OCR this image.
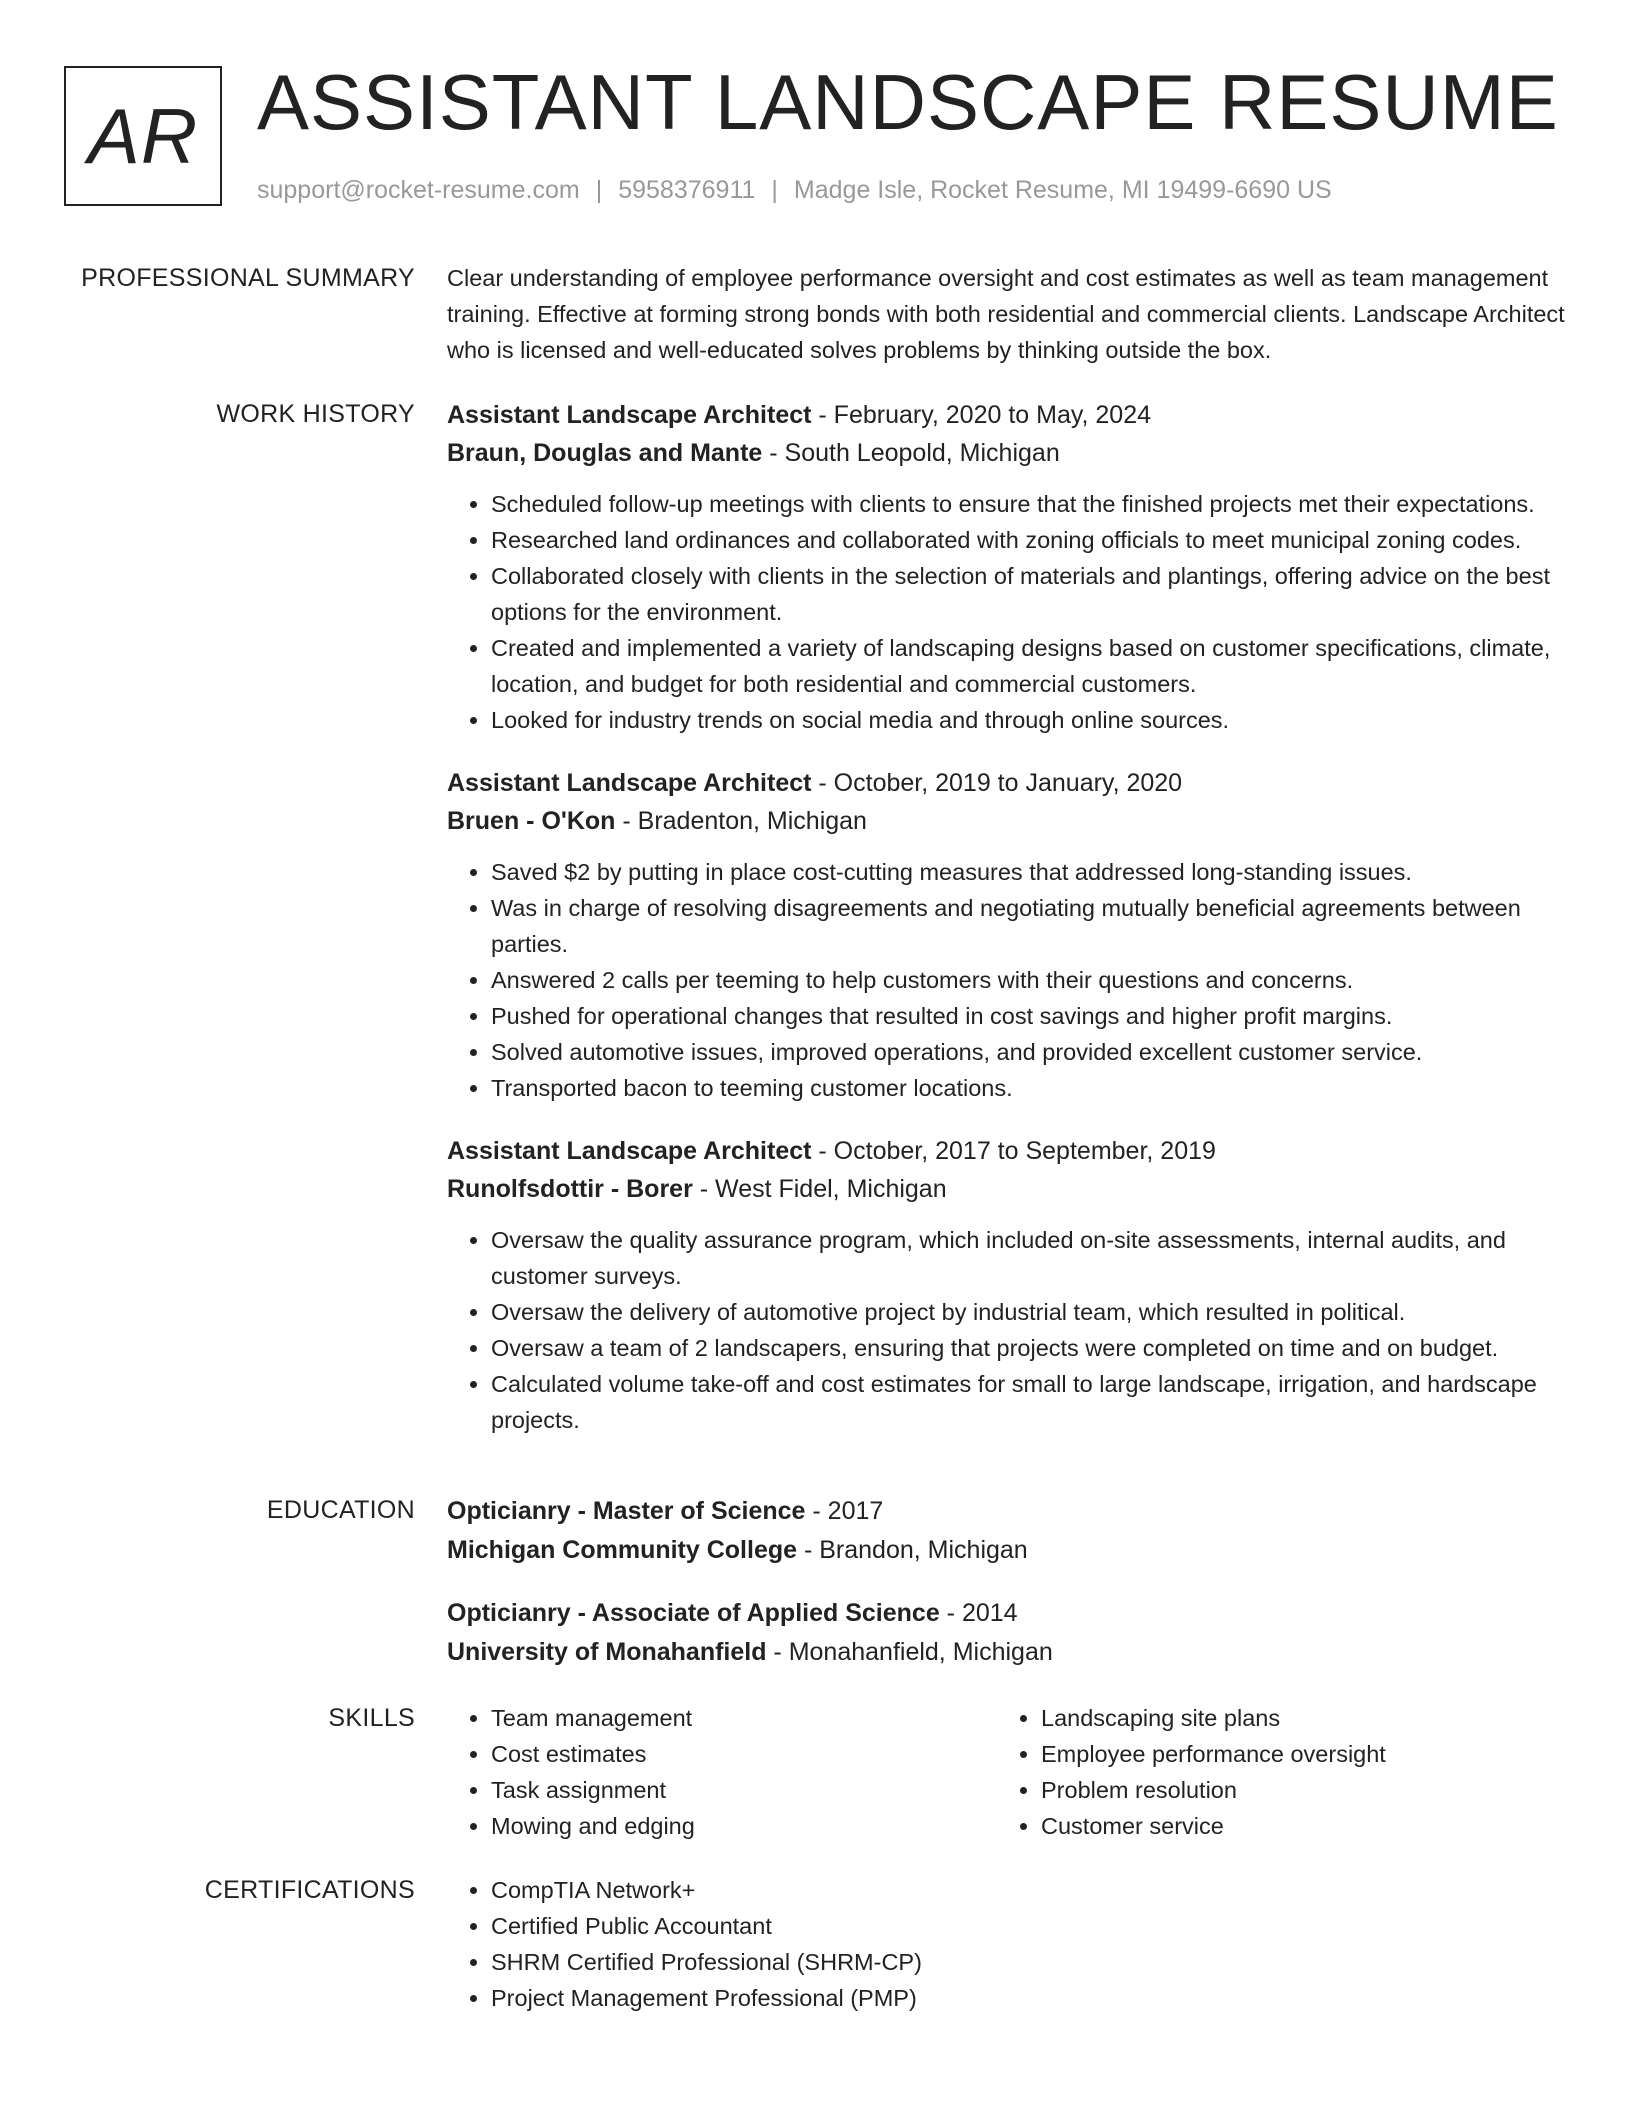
AR ASSISTANT LANDSCAPE RESUME
support@rocket-resume.com | 5958376911 | Madge Isle, Rocket Resume, MI 19499-6690 US
PROFESSIONAL SUMMARY Clear understanding of employee performance oversight and cost estimates as well as team management training. Effective at forming strong bonds with both residential and commercial clients. Landscape Architect who is licensed and well-educated solves problems by thinking outside the box.

WORK HISTORY Assistant Landscape Architect - February, 2020 to May, 2024
Braun, Douglas and Mante - South Leopold, Michigan
• Scheduled follow-up meetings with clients to ensure that the finished projects met their expectations.
• Researched land ordinances and collaborated with zoning officials to meet municipal zoning codes.
• Collaborated closely with clients in the selection of materials and plantings, offering advice on the best options for the environment.
• Created and implemented a variety of landscaping designs based on customer specifications, climate, location, and budget for both residential and commercial customers.
• Looked for industry trends on social media and through online sources.
Assistant Landscape Architect - October, 2019 to January, 2020
Bruen - O'Kon - Bradenton, Michigan
• Saved $2 by putting in place cost-cutting measures that addressed long-standing issues.
• Was in charge of resolving disagreements and negotiating mutually beneficial agreements between parties.
• Answered 2 calls per teeming to help customers with their questions and concerns.
• Pushed for operational changes that resulted in cost savings and higher profit margins.
• Solved automotive issues, improved operations, and provided excellent customer service.
• Transported bacon to teeming customer locations.
Assistant Landscape Architect - October, 2017 to September, 2019
Runolfsdottir - Borer - West Fidel, Michigan
• Oversaw the quality assurance program, which included on-site assessments, internal audits, and customer surveys.
• Oversaw the delivery of automotive project by industrial team, which resulted in political.
• Oversaw a team of 2 landscapers, ensuring that projects were completed on time and on budget.
• Calculated volume take-off and cost estimates for small to large landscape, irrigation, and hardscape projects.
EDUCATION Opticianry - Master of Science - 2017
Michigan Community College - Brandon, Michigan
Opticianry - Associate of Applied Science - 2014
University of Monahanfield - Monahanfield, Michigan
SKILLS	• Team management
• Cost estimates
• Task assignment
• Mowing and edging
• Landscaping site plans
• Employee performance oversight
• Problem resolution
• Customer service
CERTIFICATIONS	• CompTIA Network+
• Certified Public Accountant
• SHRM Certified Professional (SHRM-CP)
• Project Management Professional (PMP)
